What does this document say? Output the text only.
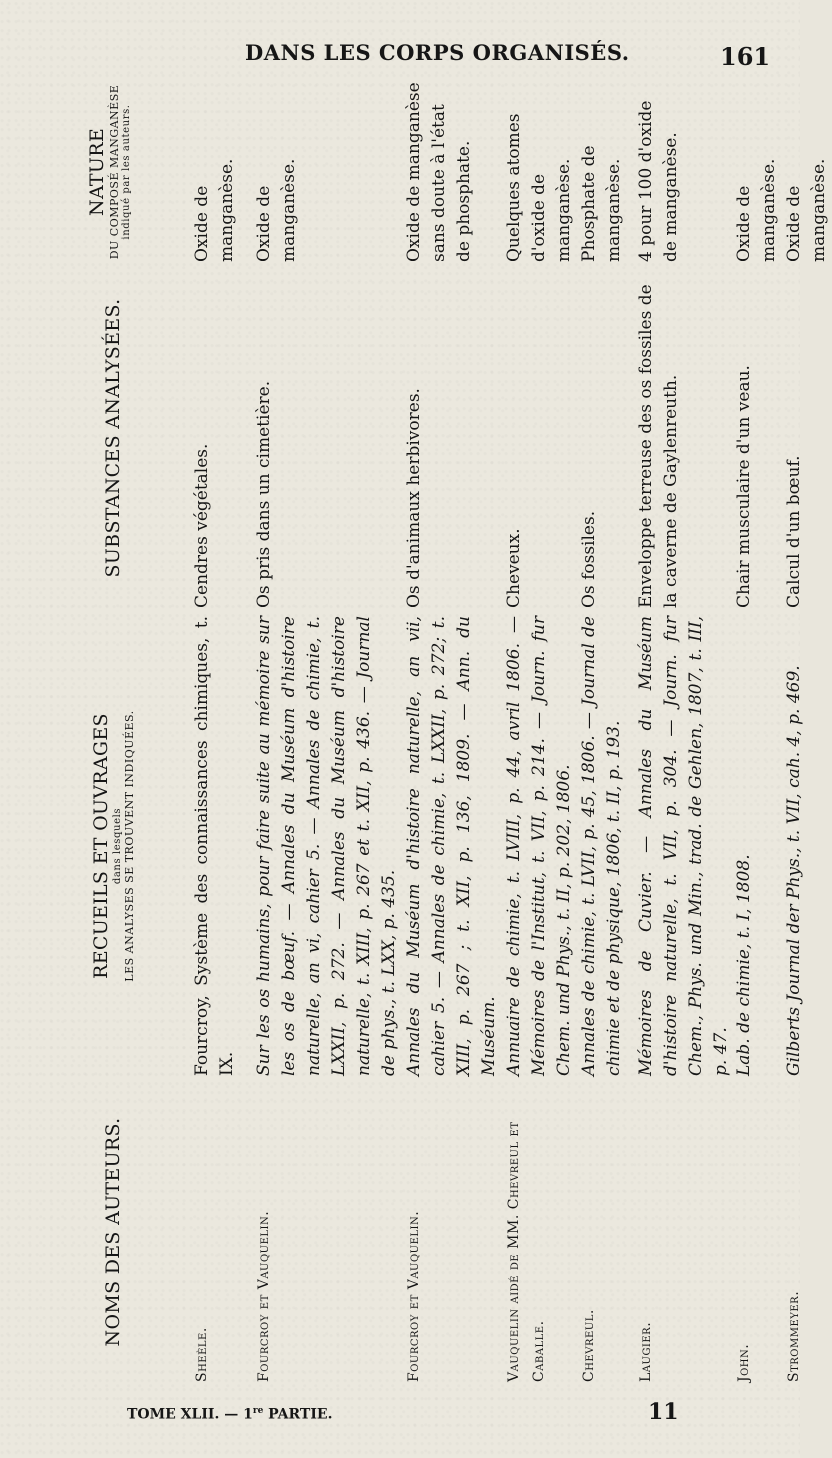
DANS LES CORPS ORGANISÉS.	161
TOME XLII. — 1re PARTIE.	11
NOMS DES AUTEURS.
RECUEILS ET OUVRAGES dans lesquels LES ANALYSES SE TROUVENT INDIQUÉES.
SUBSTANCES ANALYSÉES.
NATURE DU COMPOSÉ MANGANÈSE indiqué par les auteurs.
Sheèle.
Fourcroy, Système des connaissances chimiques, t. IX.
Cendres végétales.
Oxide de manganèse.
Fourcroy et Vauquelin.
Sur les os humains, pour faire suite au mémoire sur les os de bœuf. — Annales du Muséum d'histoire naturelle, an vi, cahier 5. — Annales de chimie, t. LXXII, p. 272. — Annales du Muséum d'histoire naturelle, t. XIII, p. 267 et t. XII, p. 436. — Journal de phys., t. LXX, p. 435.
Os pris dans un cimetière.
Oxide de manganèse.
Fourcroy et Vauquelin.
Annales du Muséum d'histoire naturelle, an vii, cahier 5. — Annales de chimie, t. LXXII, p. 272; t. XIII, p. 267 ; t. XII, p. 136, 1809. — Ann. du Muséum.
Os d'animaux herbivores.
Oxide de manganèse sans doute à l'état de phosphate.
Vauquelin aidé de MM. Chevreul et Caballe.
Annuaire de chimie, t. LVIII, p. 44, avril 1806. — Mémoires de l'Institut, t. VII, p. 214. — Journ. fur Chem. und Phys., t. II, p. 202, 1806.
Cheveux.
Quelques atomes d'oxide de manganèse.
Chevreul.
Annales de chimie, t. LVII, p. 45, 1806. — Journal de chimie et de physique, 1806, t. II, p. 193.
Os fossiles.
Phosphate de manganèse.
Laugier.
Mémoires de Cuvier. — Annales du Muséum d'histoire naturelle, t. VII, p. 304. — Journ. fur Chem., Phys. und Min., trad. de Gehlen, 1807, t. III, p. 47.
Enveloppe terreuse des os fossiles de la caverne de Gaylenreuth.
4 pour 100 d'oxide de manganèse.
John.
Lab. de chimie, t. I, 1808.
Chair musculaire d'un veau.
Oxide de manganèse.
Strommeyer.
Gilberts Journal der Phys., t. VII, cah. 4, p. 469.
Calcul d'un bœuf.
Oxide de manganèse.
